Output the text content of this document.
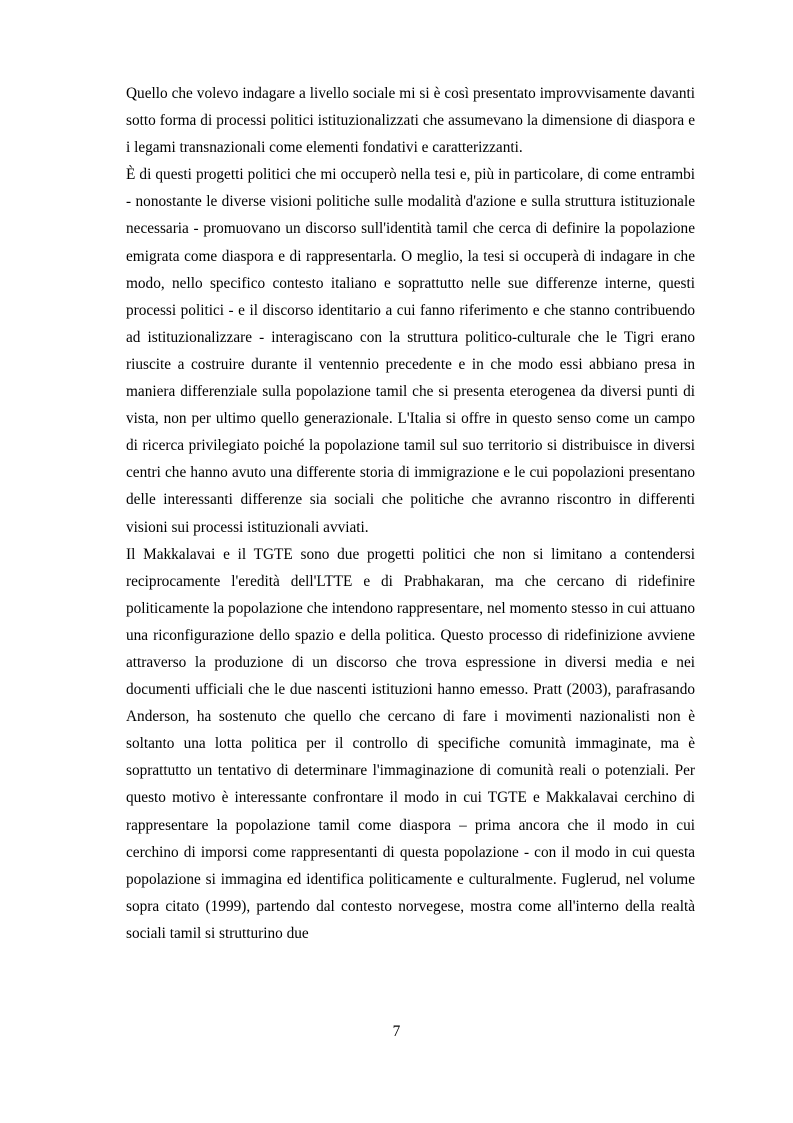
Quello che volevo indagare a livello sociale mi si è così presentato improvvisamente davanti sotto forma di processi politici istituzionalizzati che assumevano la dimensione di diaspora e i legami transnazionali come elementi fondativi e caratterizzanti.

È di questi progetti politici che mi occuperò nella tesi e, più in particolare, di come entrambi - nonostante le diverse visioni politiche sulle modalità d'azione e sulla struttura istituzionale necessaria - promuovano un discorso sull'identità tamil che cerca di definire la popolazione emigrata come diaspora e di rappresentarla. O meglio, la tesi si occuperà di indagare in che modo, nello specifico contesto italiano e soprattutto nelle sue differenze interne, questi processi politici - e il discorso identitario a cui fanno riferimento e che stanno contribuendo ad istituzionalizzare - interagiscano con la struttura politico-culturale che le Tigri erano riuscite a costruire durante il ventennio precedente e in che modo essi abbiano presa in maniera differenziale sulla popolazione tamil che si presenta eterogenea da diversi punti di vista, non per ultimo quello generazionale. L'Italia si offre in questo senso come un campo di ricerca privilegiato poiché la popolazione tamil sul suo territorio si distribuisce in diversi centri che hanno avuto una differente storia di immigrazione e le cui popolazioni presentano delle interessanti differenze sia sociali che politiche che avranno riscontro in differenti visioni sui processi istituzionali avviati.

Il Makkalavai e il TGTE sono due progetti politici che non si limitano a contendersi reciprocamente l'eredità dell'LTTE e di Prabhakaran, ma che cercano di ridefinire politicamente la popolazione che intendono rappresentare, nel momento stesso in cui attuano una riconfigurazione dello spazio e della politica. Questo processo di ridefinizione avviene attraverso la produzione di un discorso che trova espressione in diversi media e nei documenti ufficiali che le due nascenti istituzioni hanno emesso. Pratt (2003), parafrasando Anderson, ha sostenuto che quello che cercano di fare i movimenti nazionalisti non è soltanto una lotta politica per il controllo di specifiche comunità immaginate, ma è soprattutto un tentativo di determinare l'immaginazione di comunità reali o potenziali. Per questo motivo è interessante confrontare il modo in cui TGTE e Makkalavai cerchino di rappresentare la popolazione tamil come diaspora – prima ancora che il modo in cui cerchino di imporsi come rappresentanti di questa popolazione - con il modo in cui questa popolazione si immagina ed identifica politicamente e culturalmente. Fuglerud, nel volume sopra citato (1999), partendo dal contesto norvegese, mostra come all'interno della realtà sociali tamil si strutturino due

7
